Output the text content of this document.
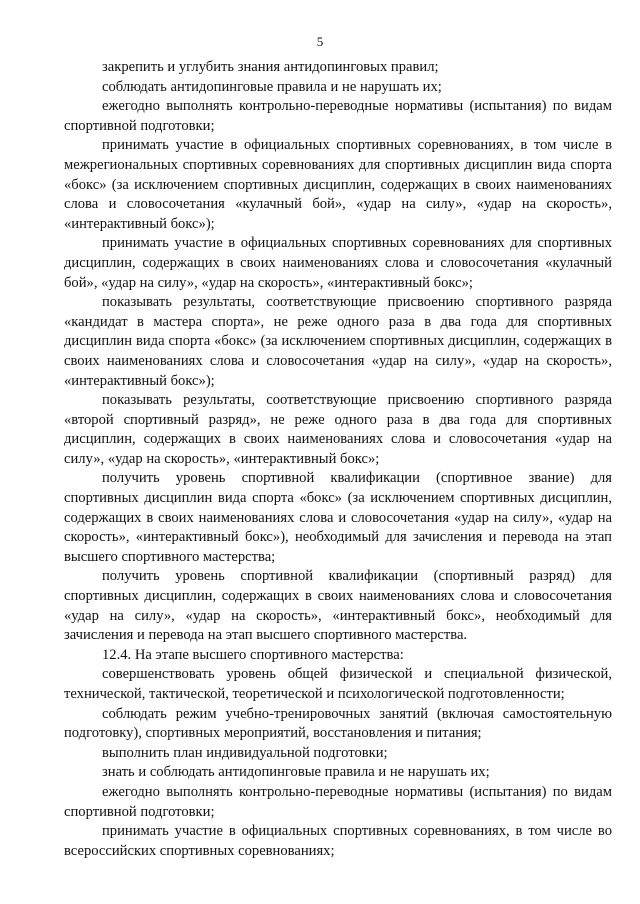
5

закрепить и углубить знания антидопинговых правил;

соблюдать антидопинговые правила и не нарушать их;

ежегодно выполнять контрольно-переводные нормативы (испытания) по видам спортивной подготовки;

принимать участие в официальных спортивных соревнованиях, в том числе в межрегиональных спортивных соревнованиях для спортивных дисциплин вида спорта «бокс» (за исключением спортивных дисциплин, содержащих в своих наименованиях слова и словосочетания «кулачный бой», «удар на силу», «удар на скорость», «интерактивный бокс»);

принимать участие в официальных спортивных соревнованиях для спортивных дисциплин, содержащих в своих наименованиях слова и словосочетания «кулачный бой», «удар на силу», «удар на скорость», «интерактивный бокс»;

показывать результаты, соответствующие присвоению спортивного разряда «кандидат в мастера спорта», не реже одного раза в два года для спортивных дисциплин вида спорта «бокс» (за исключением спортивных дисциплин, содержащих в своих наименованиях слова и словосочетания «удар на силу», «удар на скорость», «интерактивный бокс»);

показывать результаты, соответствующие присвоению спортивного разряда «второй спортивный разряд», не реже одного раза в два года для спортивных дисциплин, содержащих в своих наименованиях слова и словосочетания «удар на силу», «удар на скорость», «интерактивный бокс»;

получить уровень спортивной квалификации (спортивное звание) для спортивных дисциплин вида спорта «бокс» (за исключением спортивных дисциплин, содержащих в своих наименованиях слова и словосочетания «удар на силу», «удар на скорость», «интерактивный бокс»), необходимый для зачисления и перевода на этап высшего спортивного мастерства;

получить уровень спортивной квалификации (спортивный разряд) для спортивных дисциплин, содержащих в своих наименованиях слова и словосочетания «удар на силу», «удар на скорость», «интерактивный бокс», необходимый для зачисления и перевода на этап высшего спортивного мастерства.

12.4. На этапе высшего спортивного мастерства:

совершенствовать уровень общей физической и специальной физической, технической, тактической, теоретической и психологической подготовленности;

соблюдать режим учебно-тренировочных занятий (включая самостоятельную подготовку), спортивных мероприятий, восстановления и питания;

выполнить план индивидуальной подготовки;

знать и соблюдать антидопинговые правила и не нарушать их;

ежегодно выполнять контрольно-переводные нормативы (испытания) по видам спортивной подготовки;

принимать участие в официальных спортивных соревнованиях, в том числе во всероссийских спортивных соревнованиях;
